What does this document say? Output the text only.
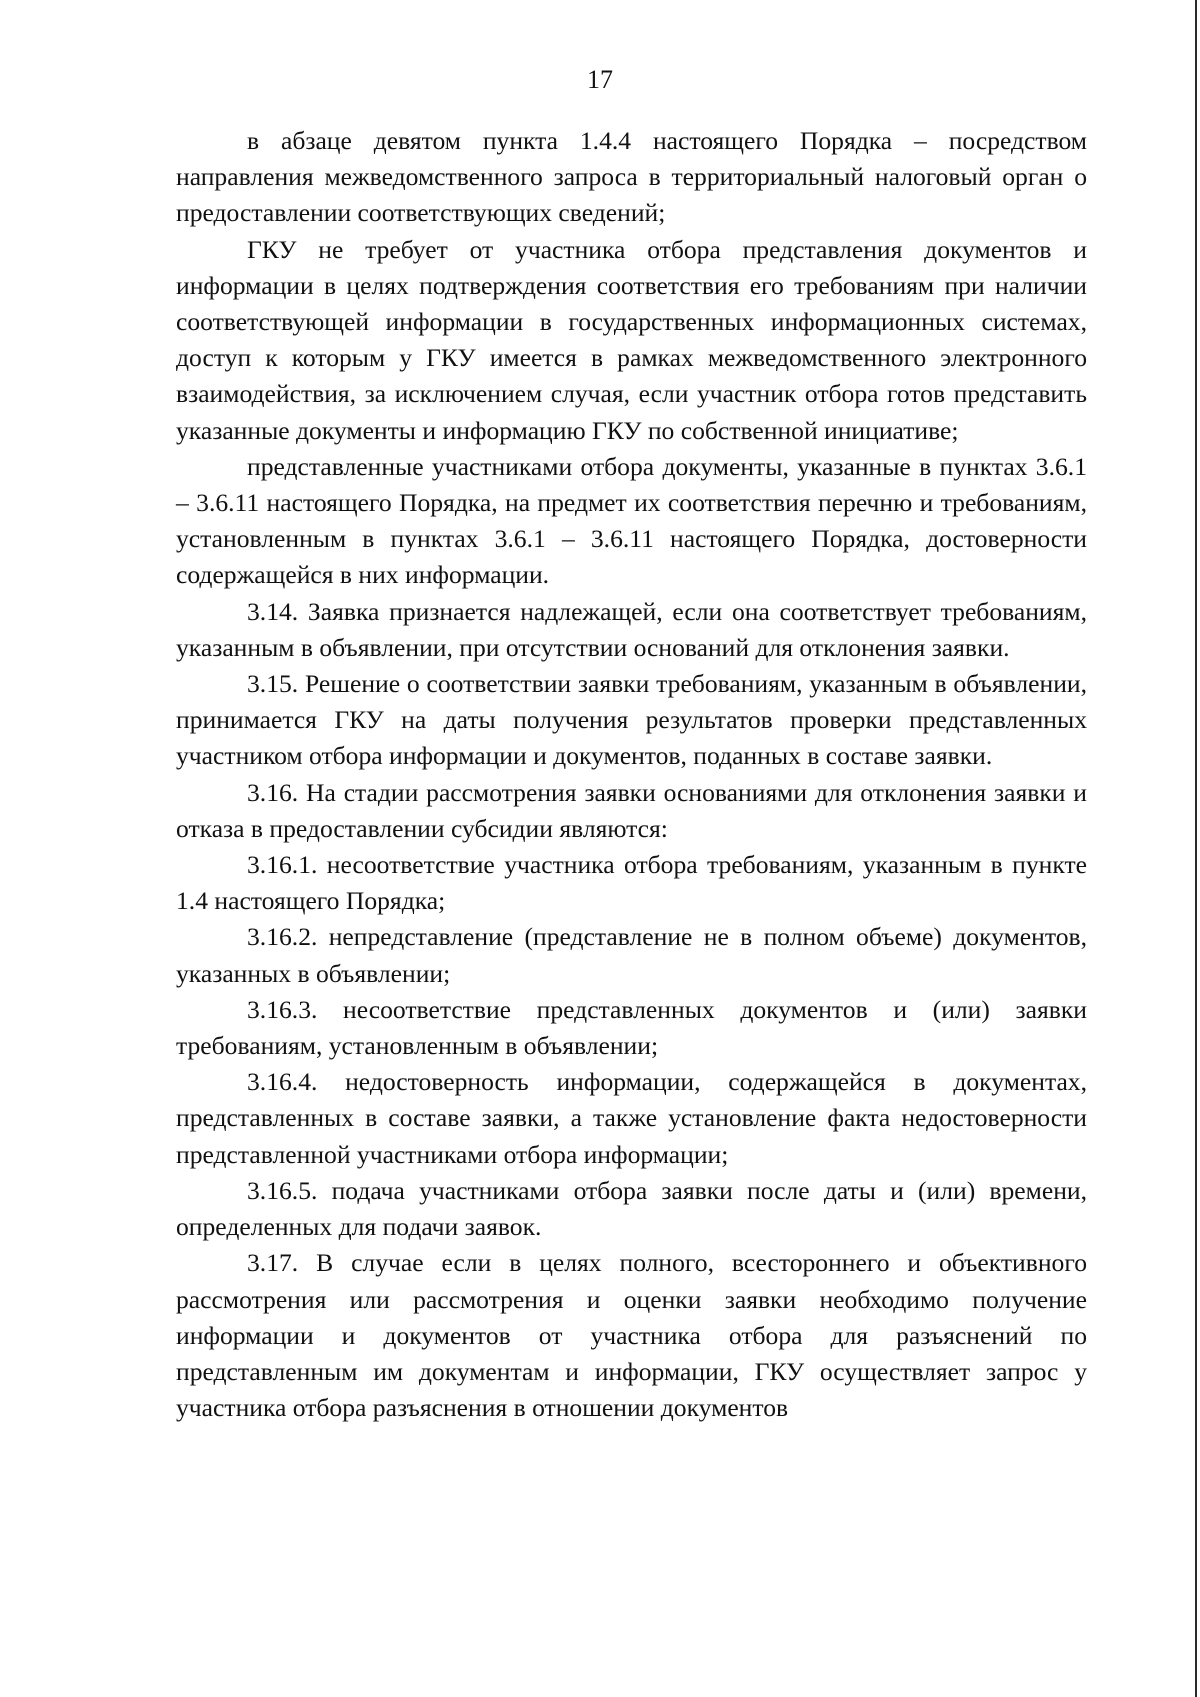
17

в абзаце девятом пункта 1.4.4 настоящего Порядка – посредством направления межведомственного запроса в территориальный налоговый орган о предоставлении соответствующих сведений;

ГКУ не требует от участника отбора представления документов и информации в целях подтверждения соответствия его требованиям при наличии соответствующей информации в государственных информационных системах, доступ к которым у ГКУ имеется в рамках межведомственного электронного взаимодействия, за исключением случая, если участник отбора готов представить указанные документы и информацию ГКУ по собственной инициативе;

представленные участниками отбора документы, указанные в пунктах 3.6.1 – 3.6.11 настоящего Порядка, на предмет их соответствия перечню и требованиям, установленным в пунктах 3.6.1 – 3.6.11 настоящего Порядка, достоверности содержащейся в них информации.

3.14. Заявка признается надлежащей, если она соответствует требованиям, указанным в объявлении, при отсутствии оснований для отклонения заявки.

3.15. Решение о соответствии заявки требованиям, указанным в объявлении, принимается ГКУ на даты получения результатов проверки представленных участником отбора информации и документов, поданных в составе заявки.

3.16. На стадии рассмотрения заявки основаниями для отклонения заявки и отказа в предоставлении субсидии являются:

3.16.1. несоответствие участника отбора требованиям, указанным в пункте 1.4 настоящего Порядка;

3.16.2. непредставление (представление не в полном объеме) документов, указанных в объявлении;

3.16.3. несоответствие представленных документов и (или) заявки требованиям, установленным в объявлении;

3.16.4. недостоверность информации, содержащейся в документах, представленных в составе заявки, а также установление факта недостоверности представленной участниками отбора информации;

3.16.5. подача участниками отбора заявки после даты и (или) времени, определенных для подачи заявок.

3.17. В случае если в целях полного, всестороннего и объективного рассмотрения или рассмотрения и оценки заявки необходимо получение информации и документов от участника отбора для разъяснений по представленным им документам и информации, ГКУ осуществляет запрос у участника отбора разъяснения в отношении документов
